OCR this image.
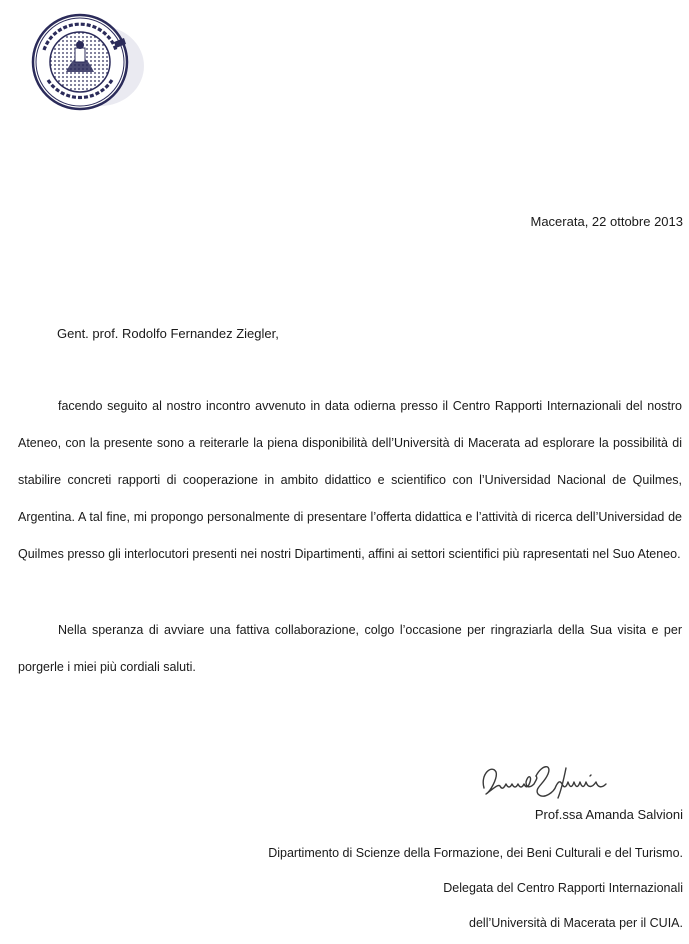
Macerata, 22 ottobre 2013
Gent. prof. Rodolfo Fernandez Ziegler,

facendo seguito al nostro incontro avvenuto in data odierna presso il Centro Rapporti Internazionali del nostro Ateneo, con la presente sono a reiterarle la piena disponibilità dell’Università di Macerata ad esplorare la possibilità di stabilire concreti rapporti di cooperazione in ambito didattico e scientifico con l’Universidad Nacional de Quilmes, Argentina. A tal fine, mi propongo personalmente di presentare l’offerta didattica e l’attività di ricerca dell’Universidad de Quilmes presso gli interlocutori presenti nei nostri Dipartimenti, affini ai settori scientifici più rapresentati nel Suo Ateneo.

Nella speranza di avviare una fattiva collaborazione, colgo l’occasione per ringraziarla della Sua visita e per porgerle i miei più cordiali saluti.

Prof.ssa Amanda Salvioni
Dipartimento di Scienze della Formazione, dei Beni Culturali e del Turismo.
Delegata del Centro Rapporti Internazionali
dell’Università di Macerata per il CUIA.
